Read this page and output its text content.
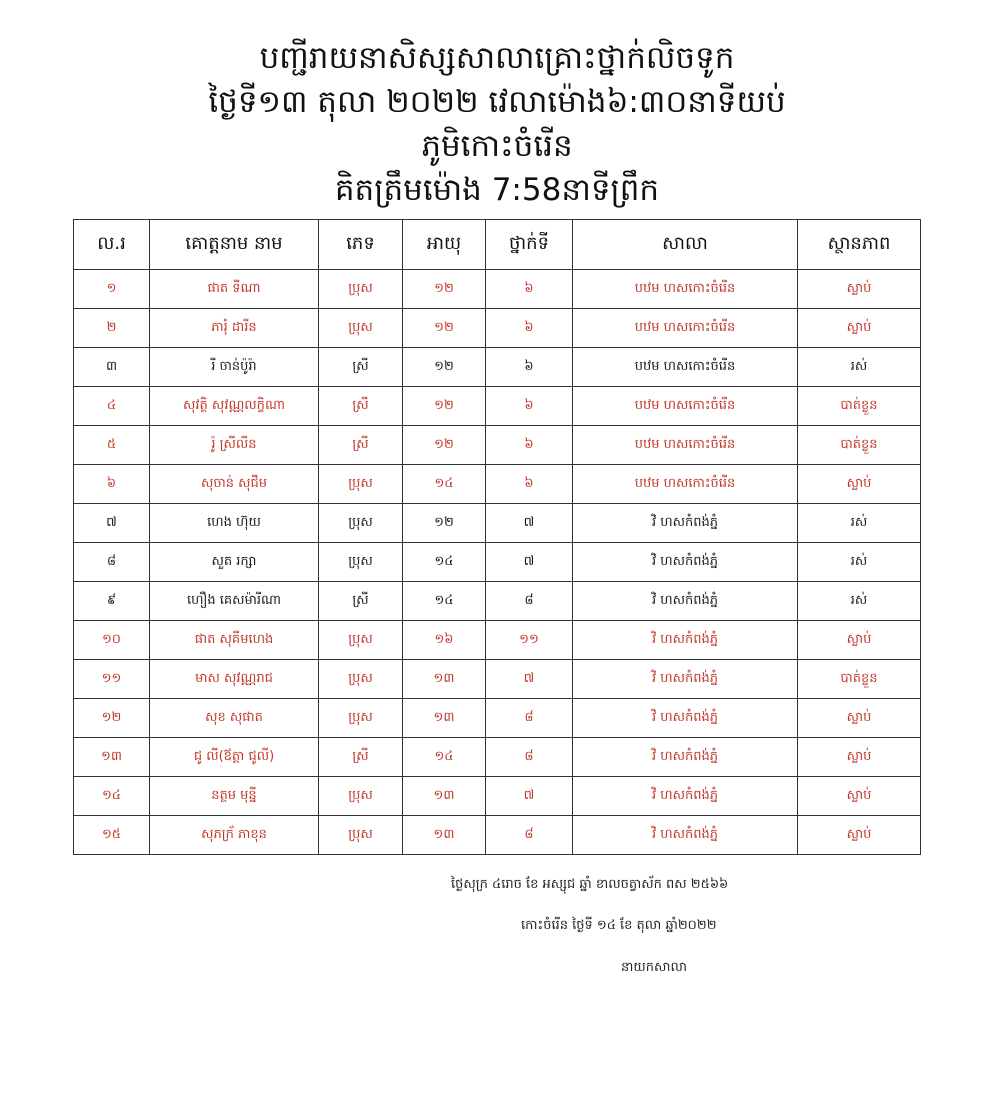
បញ្ជីរាយនាសិស្សសាលាគ្រោះថ្នាក់លិចទូក
ថ្ងៃទី១៣ តុលា ២០២២ វេលាម៉ោង៦:៣០នាទីយប់
ភូមិកោះចំរើន
គិតត្រឹមម៉ោង 7:58នាទីព្រឹក
ល.រ	គោត្តនាម នាម	ភេទ	អាយុ	ថ្នាក់ទី	សាលា	ស្ថានភាព
១	ផាត ទីណា	ប្រុស	១២	៦	បឋម ហសកោះចំរើន	ស្លាប់
២	ភារុំ ដារីន	ប្រុស	១២	៦	បឋម ហសកោះចំរើន	ស្លាប់
៣	រី ចាន់ប៉ូរ៉ា	ស្រី	១២	៦	បឋម ហសកោះចំរើន	រស់
៤	សុវត្ថិ សុវណ្ណលក្ខិណា	ស្រី	១២	៦	បឋម ហសកោះចំរើន	បាត់ខ្លួន
៥	រ៉ូ ស្រីលីន	ស្រី	១២	៦	បឋម ហសកោះចំរើន	បាត់ខ្លួន
៦	សុចាន់ សុជីម	ប្រុស	១៤	៦	បឋម ហសកោះចំរើន	ស្លាប់
៧	ហេង ហ៊ុយ	ប្រុស	១២	៧	វិ ហសកំពង់ភ្នំ	រស់
៨	សួត រក្សា	ប្រុស	១៤	៧	វិ ហសកំពង់ភ្នំ	រស់
៩	ហឿង គេសម៉ារីណា	ស្រី	១៤	៨	វិ ហសកំពង់ភ្នំ	រស់
១០	ផាត សុគីមហេង	ប្រុស	១៦	១១	វិ ហសកំពង់ភ្នំ	ស្លាប់
១១	មាស សុវណ្ណរាជ	ប្រុស	១៣	៧	វិ ហសកំពង់ភ្នំ	បាត់ខ្លួន
១២	សុខ សុផាត	ប្រុស	១៣	៨	វិ ហសកំពង់ភ្នំ	ស្លាប់
១៣	ជូ លី(ឪត្តា ជូលី)	ស្រី	១៤	៨	វិ ហសកំពង់ភ្នំ	ស្លាប់
១៤	នត្ថម មុន្នី	ប្រុស	១៣	៧	វិ ហសកំពង់ភ្នំ	ស្លាប់
១៥	សុភក្រ័ ភាខុន	ប្រុស	១៣	៨	វិ ហសកំពង់ភ្នំ	ស្លាប់
ថ្ងៃសុក្រ ៤រោច ខែ អស្សុជ ឆ្នាំ ខាលចត្វាស័ក ពស ២៥៦៦
កោះចំរើន ថ្ងៃទី ១៤ ខែ តុលា ឆ្នាំ២០២២
នាយកសាលា
